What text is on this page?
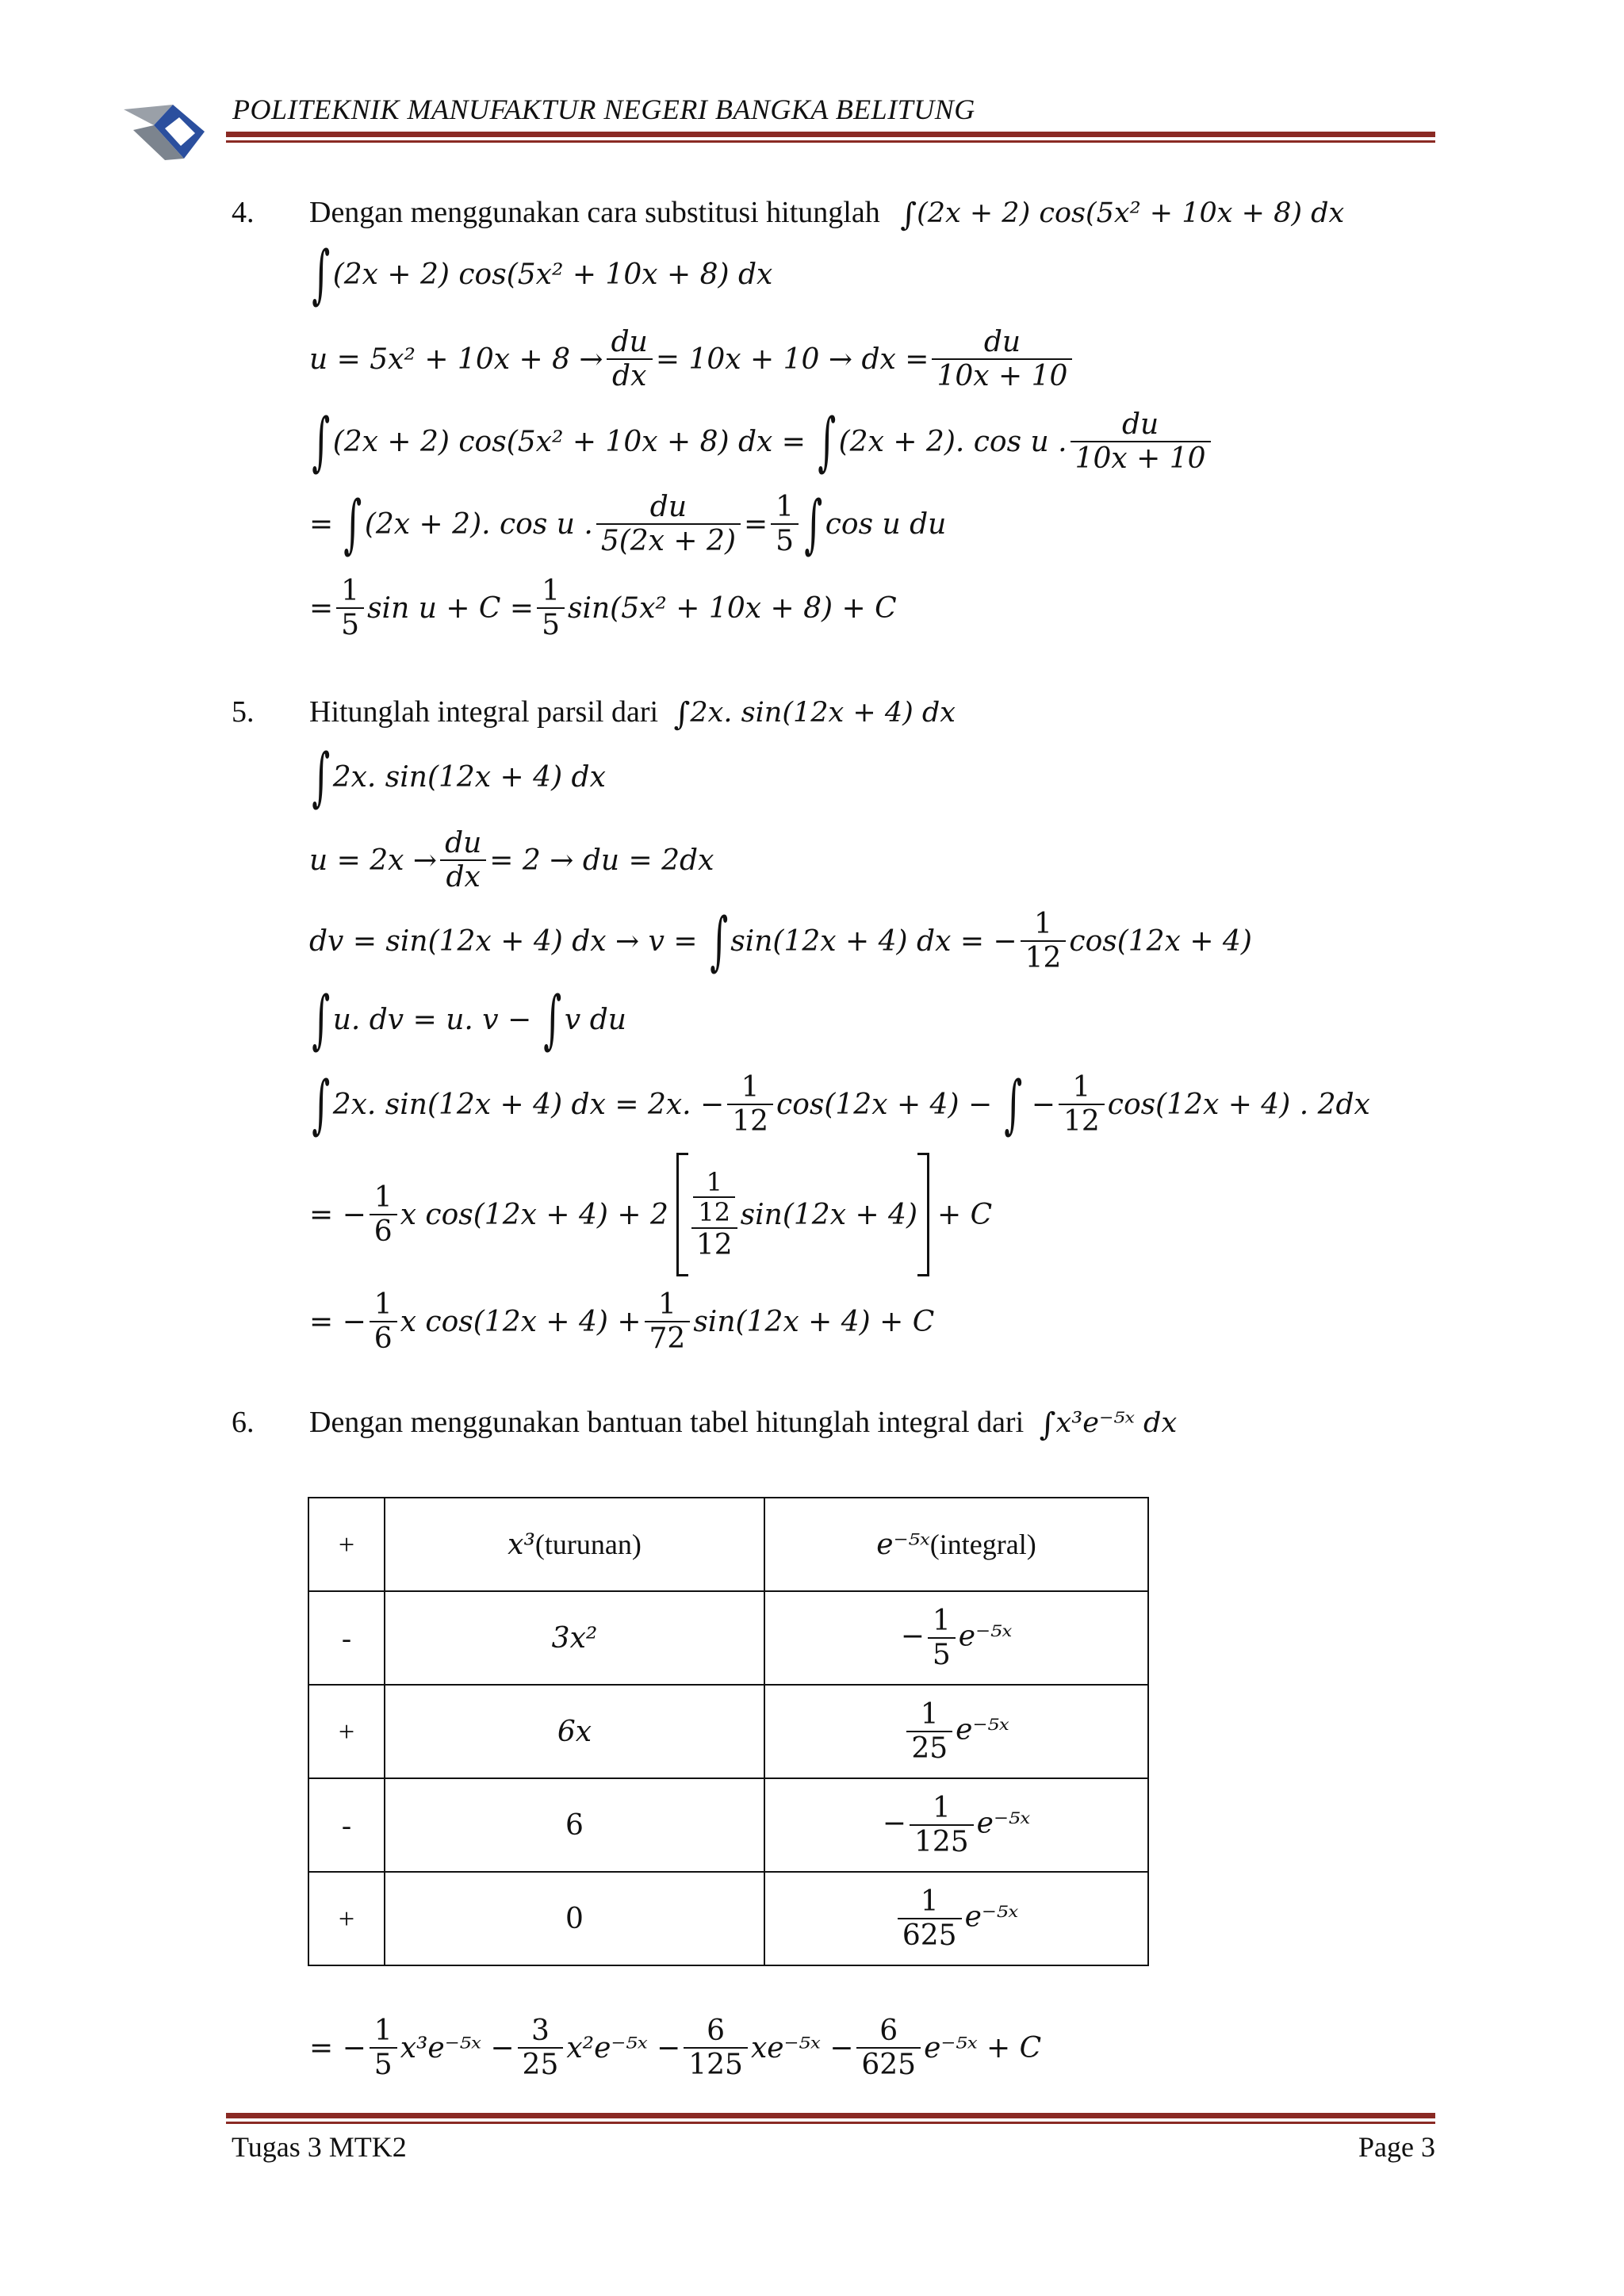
POLITEKNIK MANUFAKTUR NEGERI BANGKA BELITUNG
4. Dengan menggunakan cara substitusi hitunglah ∫(2x + 2) cos(5x² + 10x + 8) dx
∫ (2x + 2) cos(5x² + 10x + 8) dx
$u = 5x^2 + 10x + 8 \to \frac{du}{dx} = 10x + 10$ → dx = $\frac{du}{10x + 10}$
∫ (2x + 2) cos(5x² + 10x + 8) dx = ∫ (2x + 2). cos u . $\frac{du}{10x + 10}$
= ∫ (2x + 2). cos u . $\frac{du}{5(2x + 2)} = \frac{1}{5}$ ∫ cos u du
= $\frac{1}{5}$ $\sin u + C = \frac{1}{5} \sin(5x^2 + 10x + 8) + C$
5. Hitunglah integral parsil dari ∫2x. sin(12x + 4) dx
∫ 2x. sin(12x + 4) dx
$u = 2x \to \frac{du}{dx} = 2$ → du = 2dx
dv = sin(12x + 4) dx → v = ∫ sin(12x + 4) dx = − $\frac{1}{12} \cos(12x + 4)$
∫ u. dv = u. v − ∫ v du
∫ 2x. sin(12x + 4) dx = 2x. − $\frac{1}{12} \cos(12x + 4)$ − ∫ − $\frac{1}{12} \cos(12x + 4)$ . 2dx
= − $\frac{1}{6}$ x $\cos(12x + 4) + 2 \frac{\frac{1}{12}}{12} \sin(12x + 4) + C$
= − $\frac{1}{6}$ x $\cos(12x + 4) + \frac{1}{72} \sin(12x + 4) + C$
6. Dengan menggunakan bantuan tabel hitunglah integral dari ∫x³e⁻⁵ˣ dx
+	x³(turunan)	e⁻⁵ˣ(integral)
-	3x²	− $\frac{1}{5}$ e⁻⁵ˣ
+	6x	$\frac{1}{25}$ e⁻⁵ˣ
-	6	− $\frac{1}{125}$ e⁻⁵ˣ
+	0	$\frac{1}{625}$ e⁻⁵ˣ
= − $\frac{1}{5}$ x³e⁻⁵ˣ − $\frac{3}{25}$ x²e⁻⁵ˣ − $\frac{6}{125}$ xe⁻⁵ˣ − $\frac{6}{625}$ e⁻⁵ˣ + C
Tugas 3 MTK2	Page 3
